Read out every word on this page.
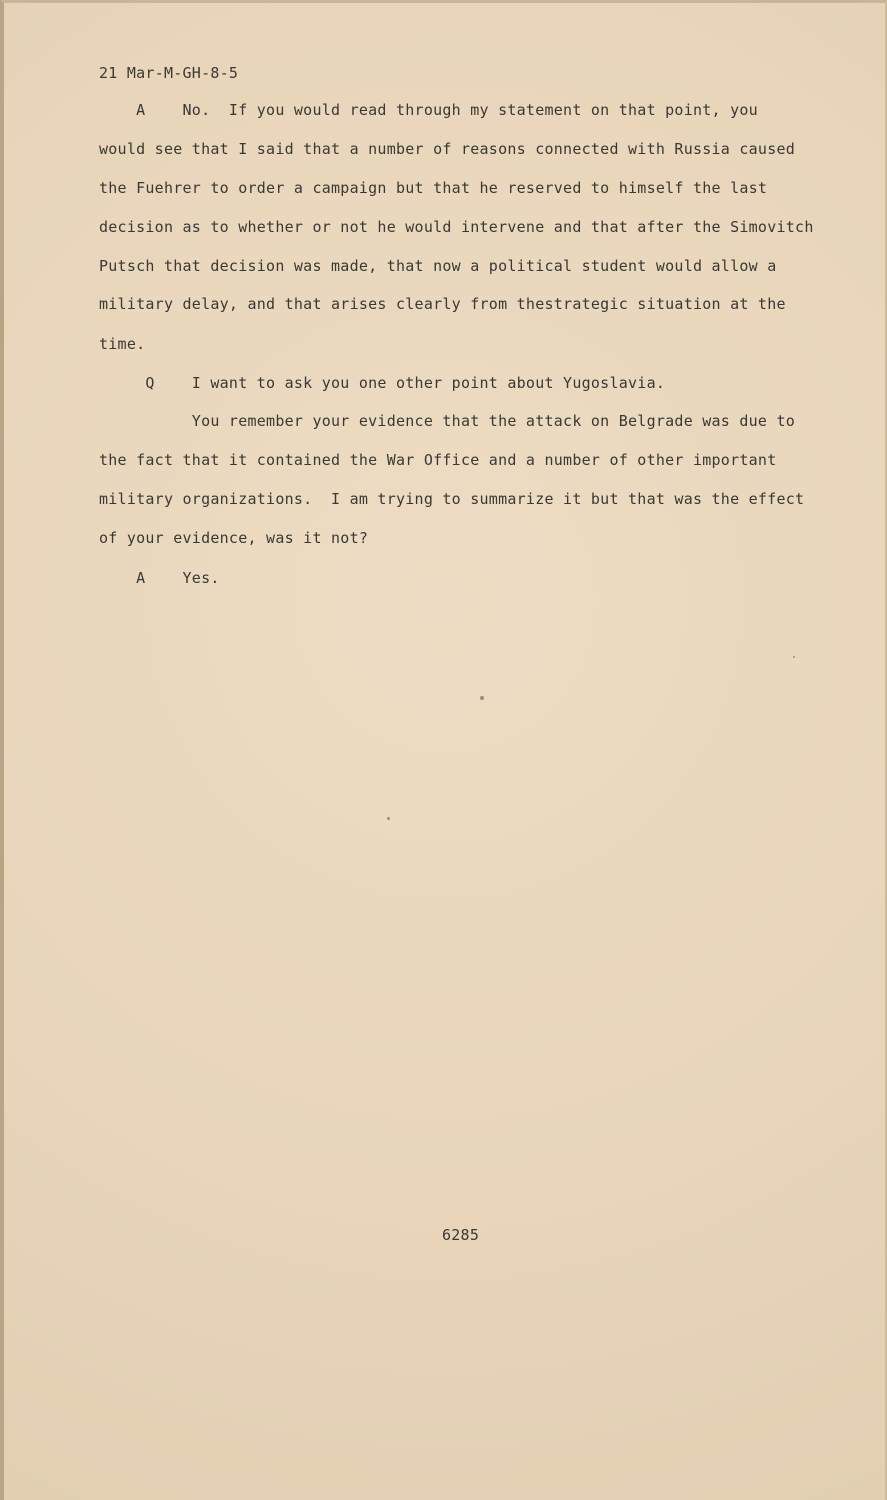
21 Mar-M-GH-8-5
A    No.  If you would read through my statement on that point, you
would see that I said that a number of reasons connected with Russia caused
the Fuehrer to order a campaign but that he reserved to himself the last
decision as to whether or not he would intervene and that after the Simovitch
Putsch that decision was made, that now a political student would allow a
military delay, and that arises clearly from thestrategic situation at the
time.
Q    I want to ask you one other point about Yugoslavia.
You remember your evidence that the attack on Belgrade was due to
the fact that it contained the War Office and a number of other important
military organizations.  I am trying to summarize it but that was the effect
of your evidence, was it not?
A    Yes.
6285
